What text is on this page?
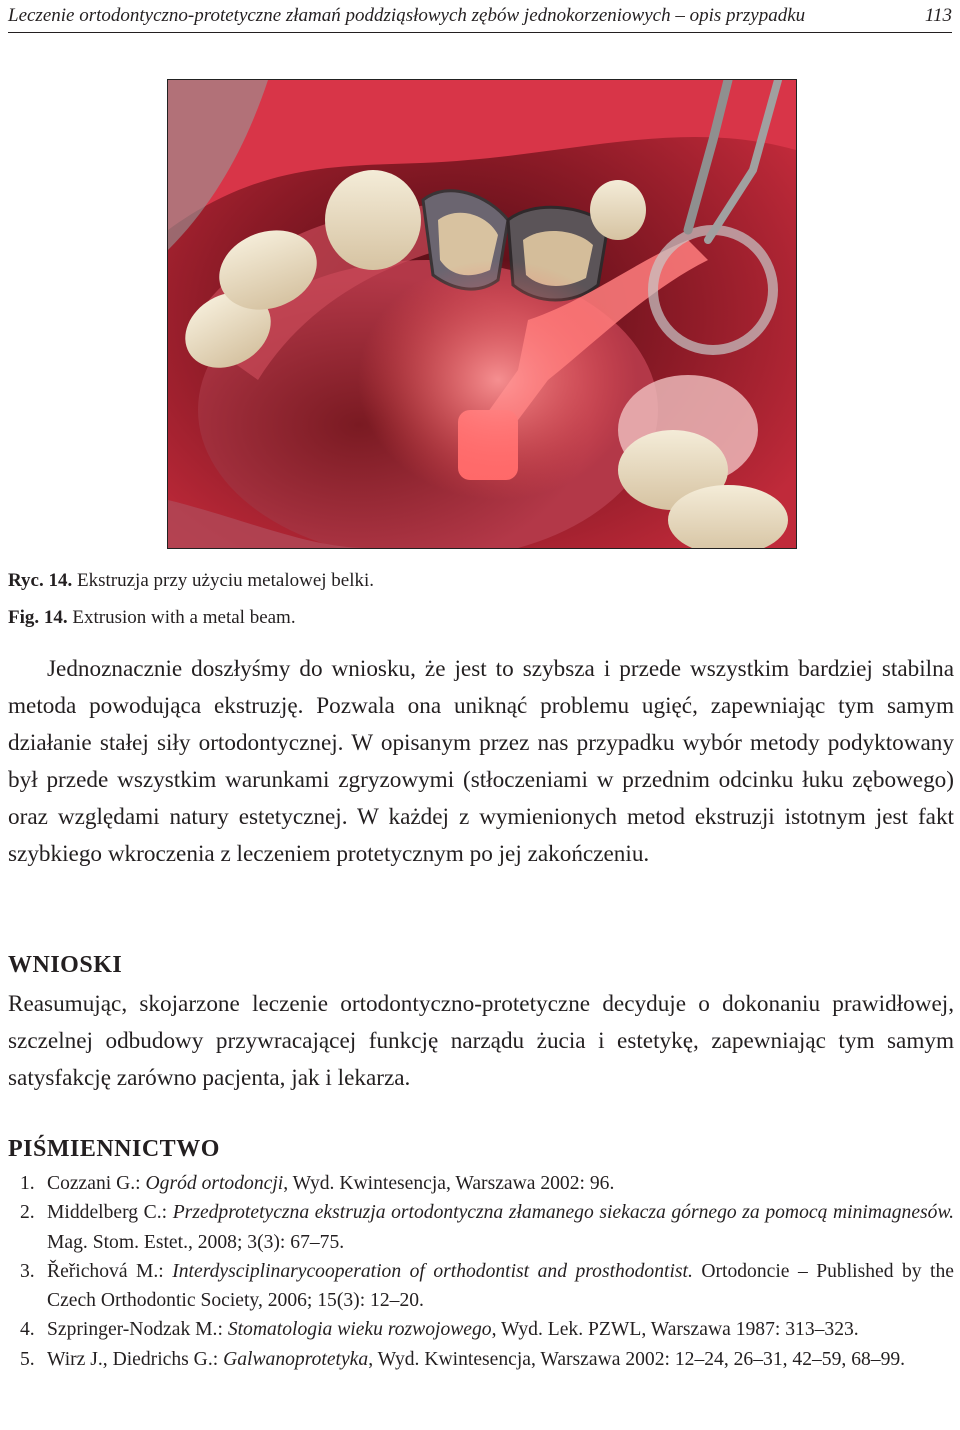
Leczenie ortodontyczno-protetyczne złamań poddziąsłowych zębów jednokorzeniowych – opis przypadku	113
Ryc. 14. Ekstruzja przy użyciu metalowej belki.
Fig. 14. Extrusion with a metal beam.

Jednoznacznie doszłyśmy do wniosku, że jest to szybsza i przede wszystkim bardziej stabilna metoda powodująca ekstruzję. Pozwala ona uniknąć problemu ugięć, zapewniając tym samym działanie stałej siły ortodontycznej. W opisanym przez nas przypadku wybór metody podyktowany był przede wszystkim warunkami zgryzowymi (stłoczeniami w przednim odcinku łuku zębowego) oraz względami natury estetycznej. W każdej z wymienionych metod ekstruzji istotnym jest fakt szybkiego wkroczenia z leczeniem protetycznym po jej zakończeniu.

WNIOSKI

Reasumując, skojarzone leczenie ortodontyczno-protetyczne decyduje o dokonaniu prawidłowej, szczelnej odbudowy przywracającej funkcję narządu żucia i estetykę, zapewniając tym samym satysfakcję zarówno pacjenta, jak i lekarza.

PIŚMIENNICTWO
1. Cozzani G.: Ogród ortodoncji, Wyd. Kwintesencja, Warszawa 2002: 96.
2. Middelberg C.: Przedprotetyczna ekstruzja ortodontyczna złamanego siekacza górnego za pomocą minimagnesów. Mag. Stom. Estet., 2008; 3(3): 67–75.
3. Řeřichová M.: Interdysciplinarycooperation of orthodontist and prosthodontist. Ortodoncie – Published by the Czech Orthodontic Society, 2006; 15(3): 12–20.
4. Szpringer-Nodzak M.: Stomatologia wieku rozwojowego, Wyd. Lek. PZWL, Warszawa 1987: 313–323.
5. Wirz J., Diedrichs G.: Galwanoprotetyka, Wyd. Kwintesencja, Warszawa 2002: 12–24, 26–31, 42–59, 68–99.
